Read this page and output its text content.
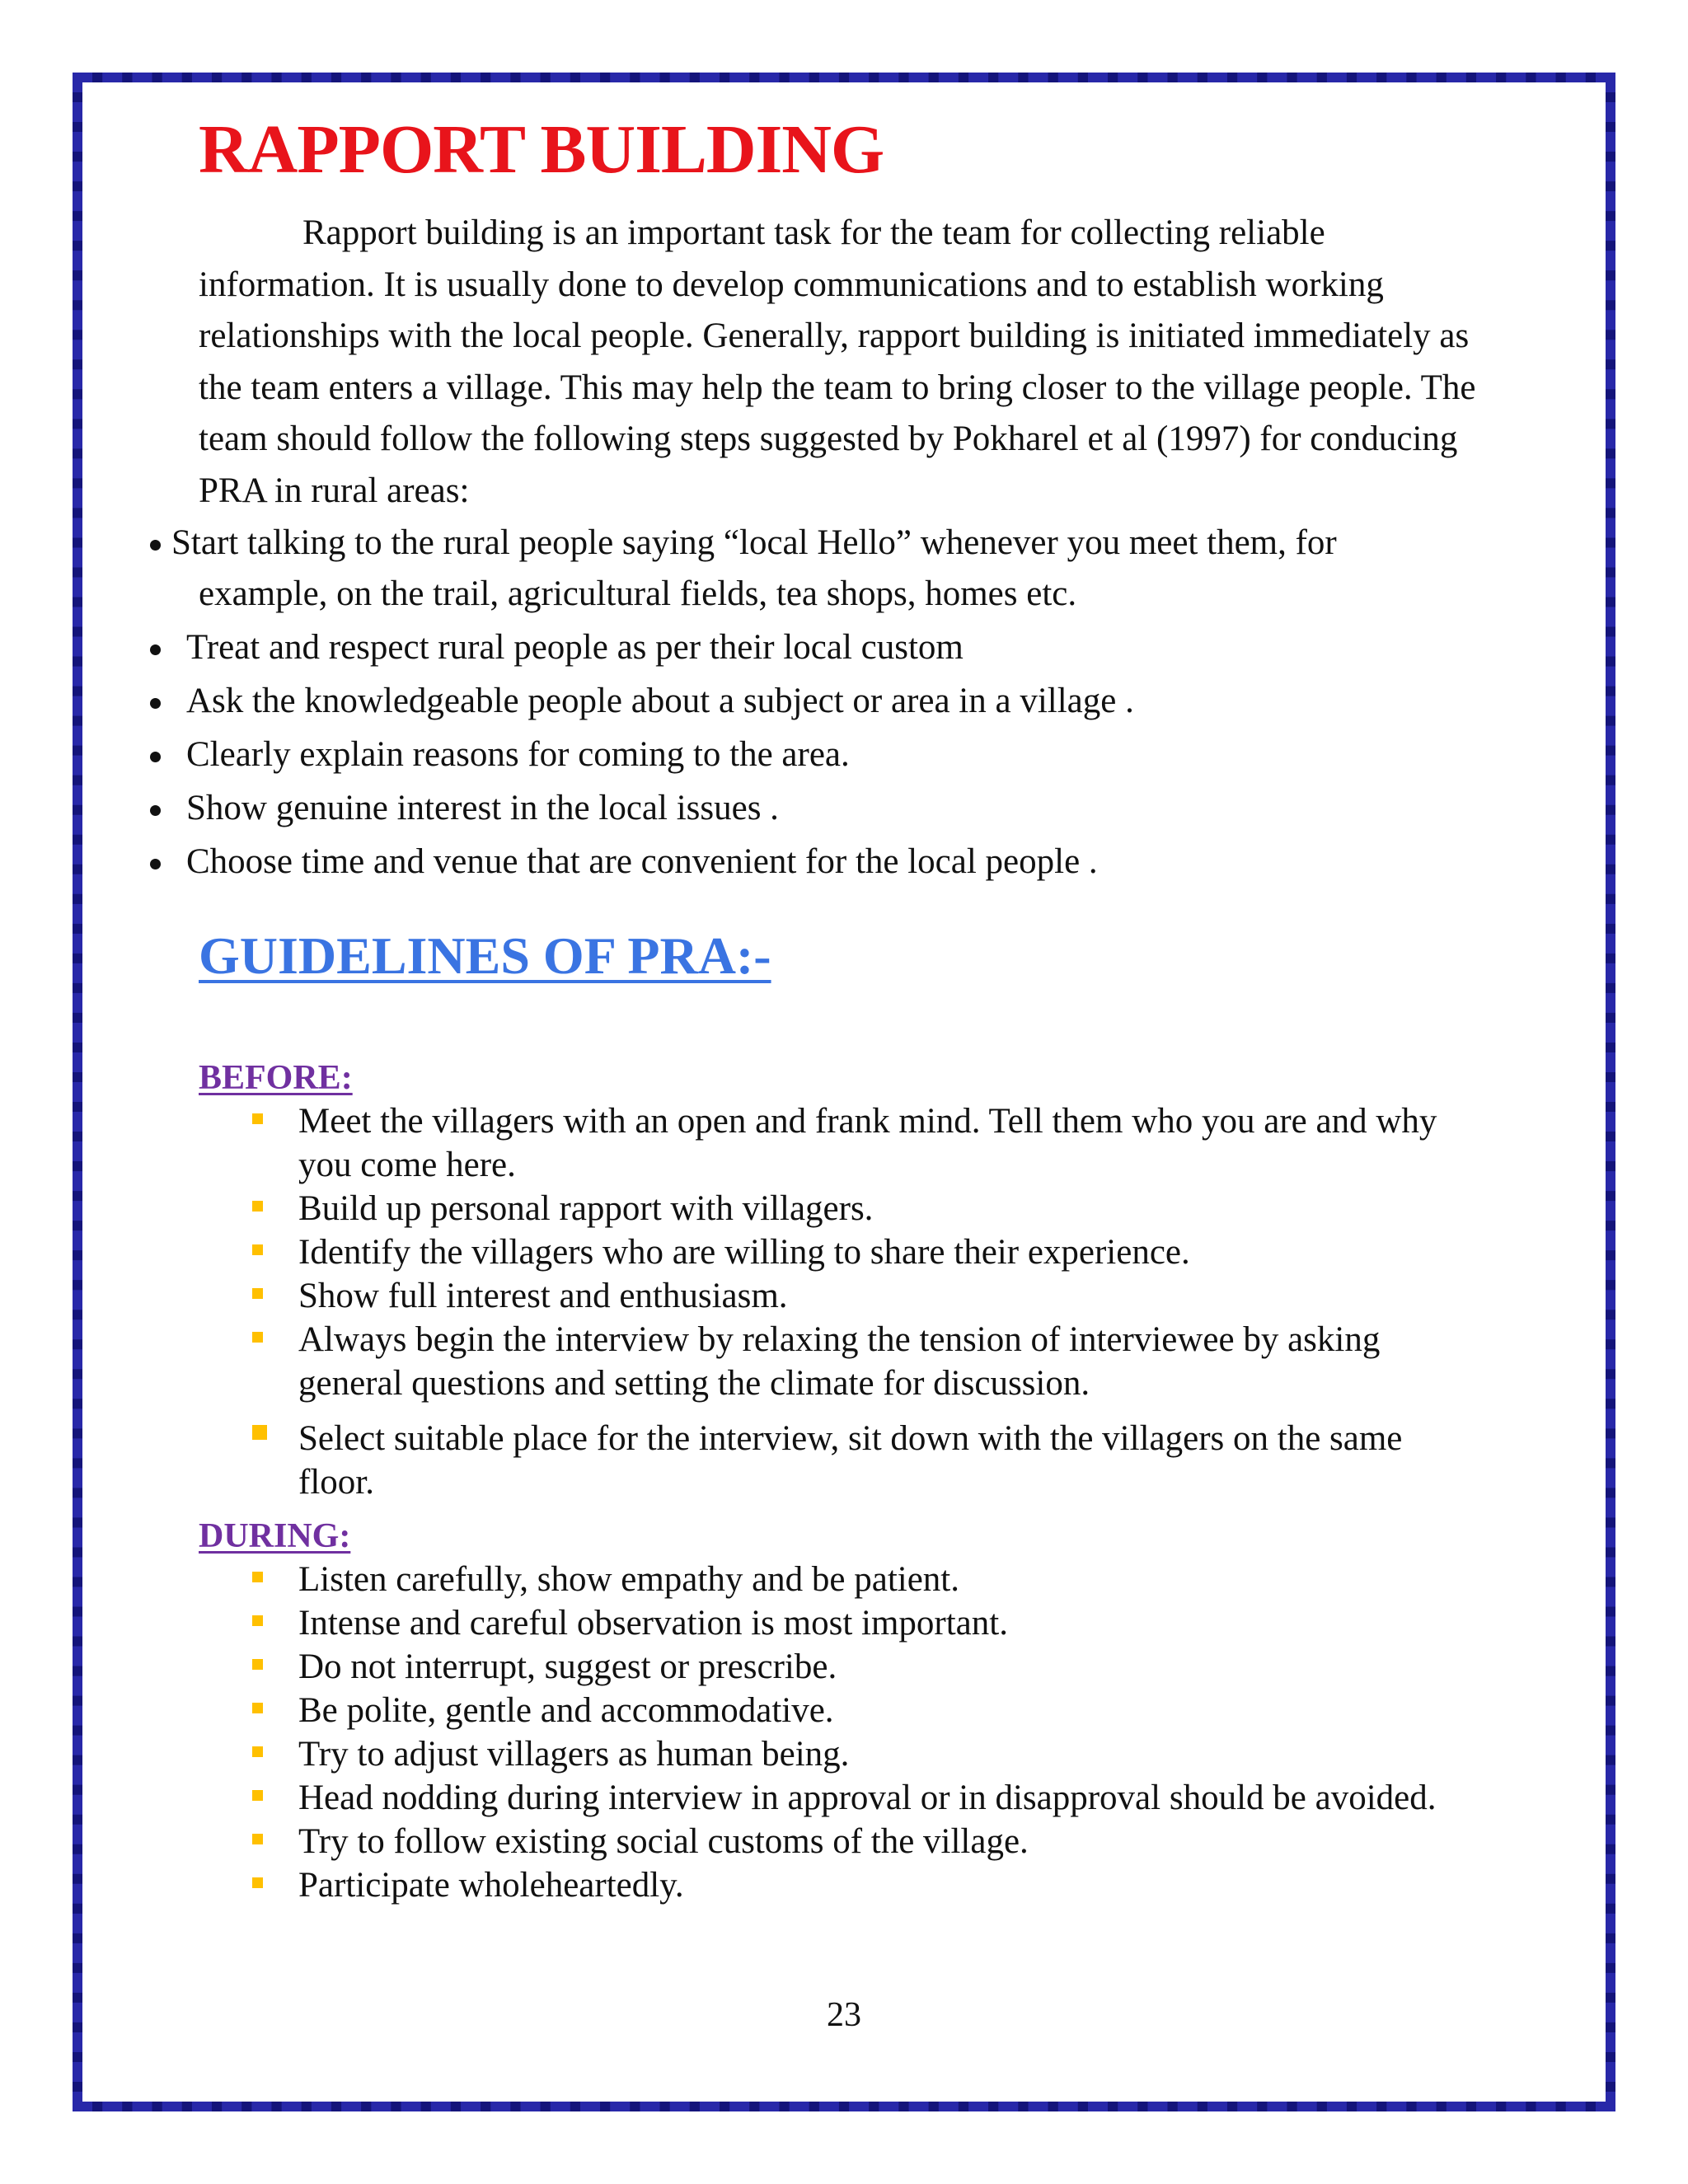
RAPPORT BUILDING

Rapport building is an important task for the team for collecting reliable information. It is usually done to develop communications and to establish working relationships with the local people. Generally, rapport building is initiated immediately as the team enters a village. This may help the team to bring closer to the village people. The team should follow the following steps suggested by Pokharel et al (1997) for conducing PRA in rural areas:

Start talking to the rural people saying “local Hello” whenever you meet them, for
example, on the trail, agricultural fields, tea shops, homes etc.
Treat and respect rural people as per their local custom
Ask the knowledgeable people about a subject or area in a village .
Clearly explain reasons for coming to the area.
Show genuine interest in the local issues .
Choose time and venue that are convenient for the local people .
GUIDELINES OF PRA:-
BEFORE:
Meet the villagers with an open and frank mind. Tell them who you are and why you come here.
Build up personal rapport with villagers.
Identify the villagers who are willing to share their experience.
Show full interest and enthusiasm.
Always begin the interview by relaxing the tension of interviewee by asking general questions and setting the climate for discussion.
Select suitable place for the interview, sit down with the villagers on the same floor.
DURING:
Listen carefully, show empathy and be patient.
Intense and careful observation is most important.
Do not interrupt, suggest or prescribe.
Be polite, gentle and accommodative.
Try to adjust villagers as human being.
Head nodding during interview in approval or in disapproval should be avoided.
Try to follow existing social customs of the village.
Participate wholeheartedly.

23
